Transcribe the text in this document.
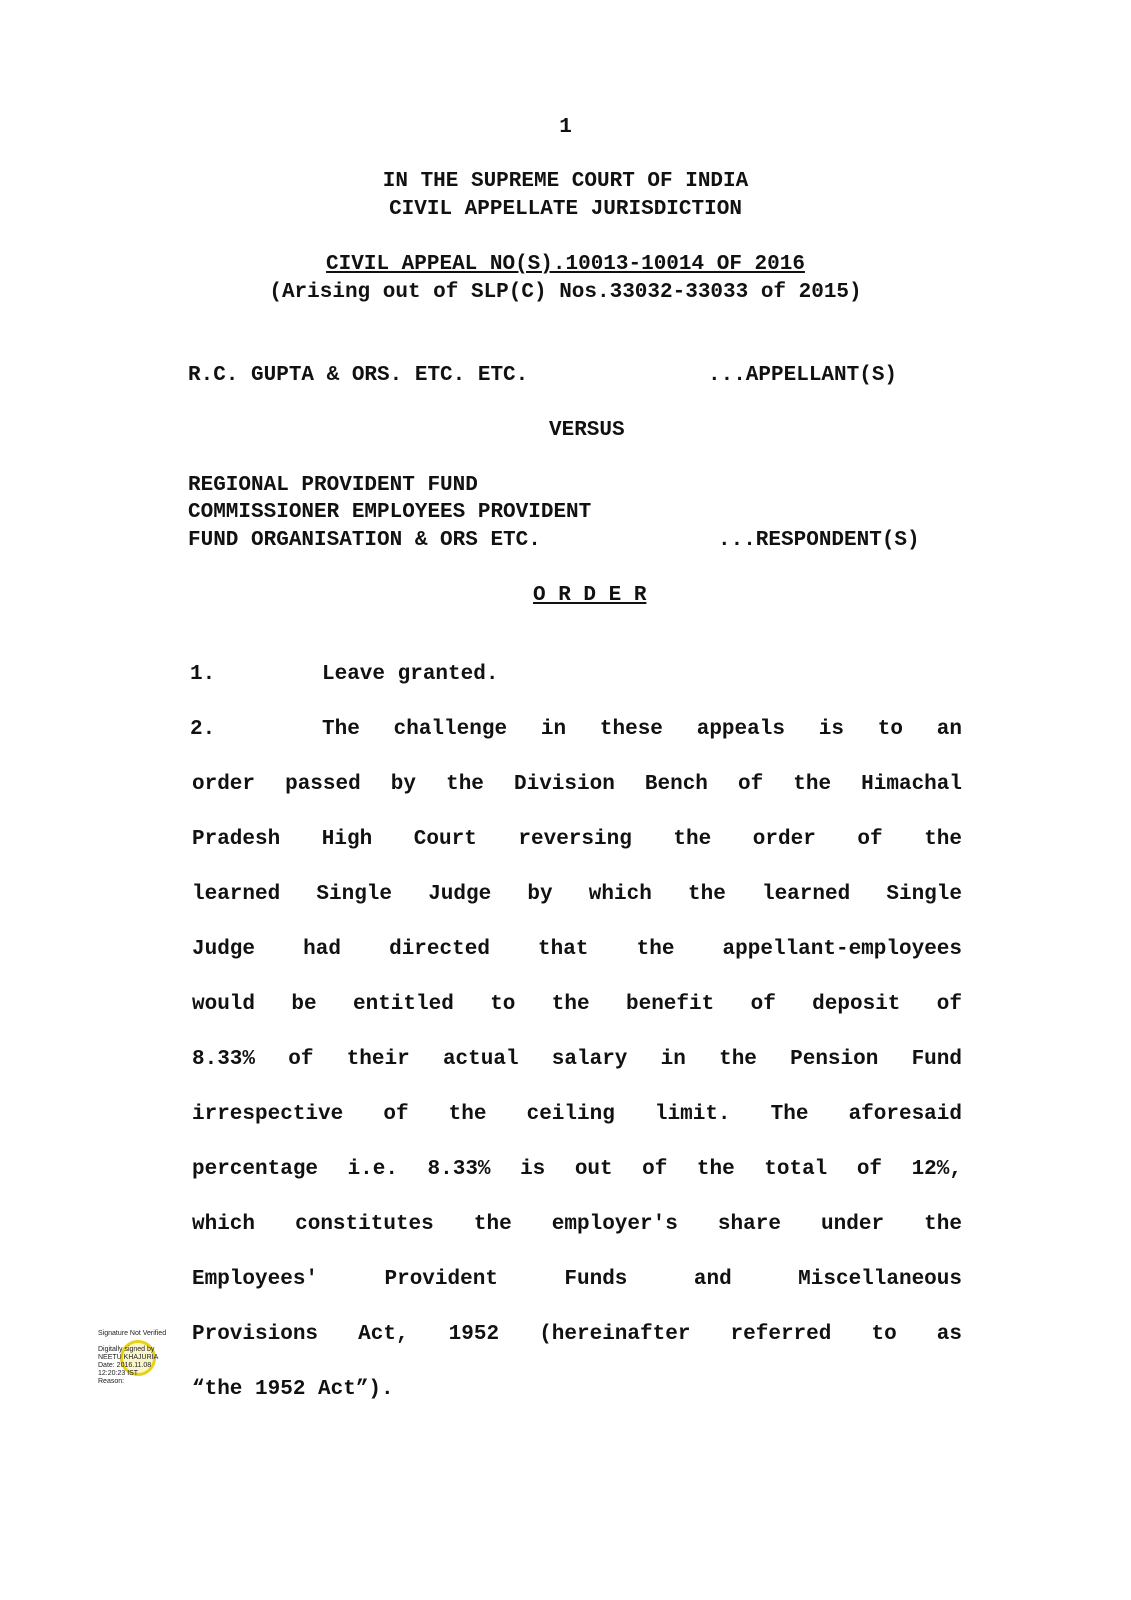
1
IN THE SUPREME COURT OF INDIA
CIVIL APPELLATE JURISDICTION
CIVIL APPEAL NO(S).10013-10014 OF 2016
(Arising out of SLP(C) Nos.33032-33033 of 2015)
R.C. GUPTA & ORS. ETC. ETC.	...APPELLANT(S)
VERSUS
REGIONAL PROVIDENT FUND
COMMISSIONER EMPLOYEES PROVIDENT
FUND ORGANISATION & ORS ETC.	...RESPONDENT(S)
O R D E R
1.	Leave granted.
2.	The challenge in these appeals is to an
order passed by the Division Bench of the Himachal
Pradesh High Court reversing the order of the
learned Single Judge by which the learned Single
Judge had directed that the appellant-employees
would be entitled to the benefit of deposit of
8.33% of their actual salary in the Pension Fund
irrespective of the ceiling limit. The aforesaid
percentage i.e. 8.33% is out of the total of 12%,
which constitutes the employer's share under the
Employees' Provident Funds and Miscellaneous
Provisions Act, 1952 (hereinafter referred to as
“the 1952 Act”).
Signature Not Verified
Digitally signed by
NEETU KHAJURIA
Date: 2016.11.08
12:20:23 IST
Reason:
